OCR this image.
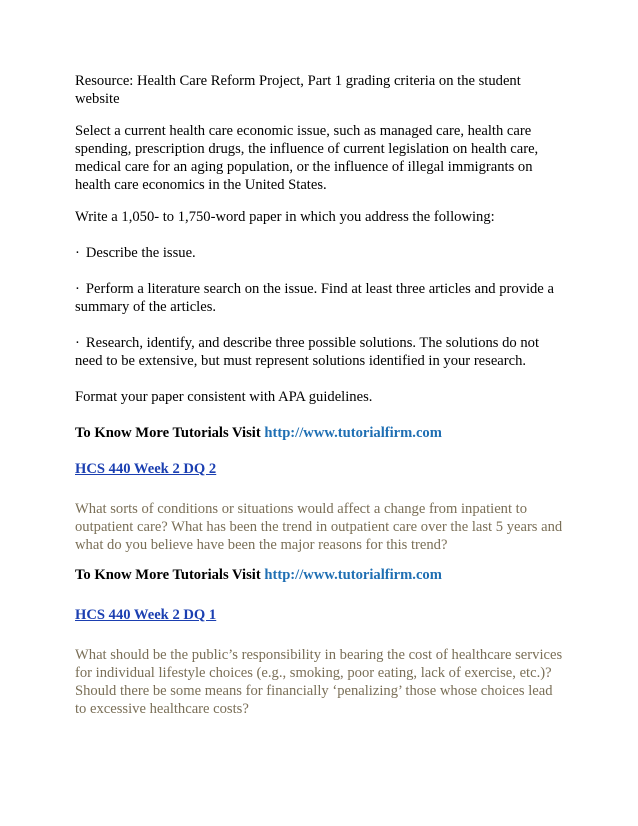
Resource: Health Care Reform Project, Part 1 grading criteria on the student website

Select a current health care economic issue, such as managed care, health care spending, prescription drugs, the influence of current legislation on health care, medical care for an aging population, or the influence of illegal immigrants on health care economics in the United States.

Write a 1,050- to 1,750-word paper in which you address the following:

· Describe the issue.

· Perform a literature search on the issue. Find at least three articles and provide a summary of the articles.

· Research, identify, and describe three possible solutions. The solutions do not need to be extensive, but must represent solutions identified in your research.

Format your paper consistent with APA guidelines.

To Know More Tutorials Visit http://www.tutorialfirm.com

HCS 440 Week 2 DQ 2

What sorts of conditions or situations would affect a change from inpatient to outpatient care? What has been the trend in outpatient care over the last 5 years and what do you believe have been the major reasons for this trend?

To Know More Tutorials Visit http://www.tutorialfirm.com

HCS 440 Week 2 DQ 1

What should be the public’s responsibility in bearing the cost of healthcare services for individual lifestyle choices (e.g., smoking, poor eating, lack of exercise, etc.)? Should there be some means for financially ‘penalizing’ those whose choices lead to excessive healthcare costs?
